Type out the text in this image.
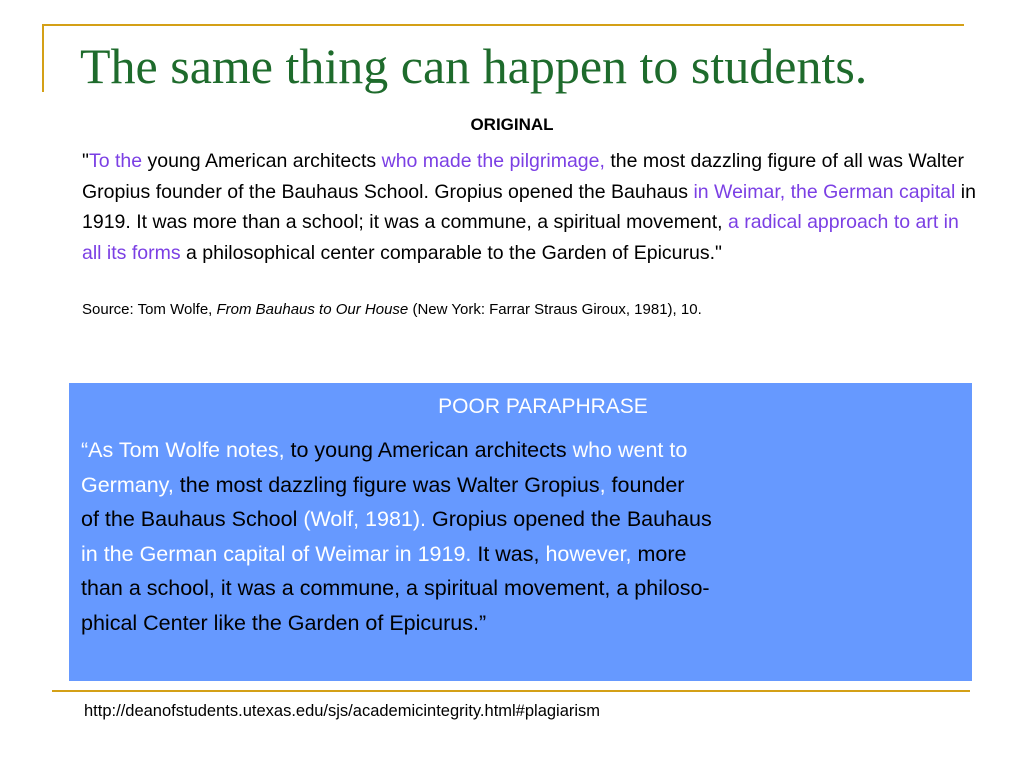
The same thing can happen to students.
ORIGINAL
"To the young American architects who made the pilgrimage, the most dazzling figure of all was Walter Gropius founder of the Bauhaus School. Gropius opened the Bauhaus in Weimar, the German capital in 1919. It was more than a school; it was a commune, a spiritual movement, a radical approach to art in all its forms a philosophical center comparable to the Garden of Epicurus."
Source: Tom Wolfe, From Bauhaus to Our House (New York: Farrar Straus Giroux, 1981), 10.
POOR PARAPHRASE
“As Tom Wolfe notes, to young American architects who went to
Germany, the most dazzling figure was Walter Gropius, founder
of the Bauhaus School (Wolf, 1981). Gropius opened the Bauhaus
in the German capital of Weimar in 1919. It was, however, more
than a school, it was a commune, a spiritual movement, a philoso-
phical Center like the Garden of Epicurus.”
http://deanofstudents.utexas.edu/sjs/academicintegrity.html#plagiarism
